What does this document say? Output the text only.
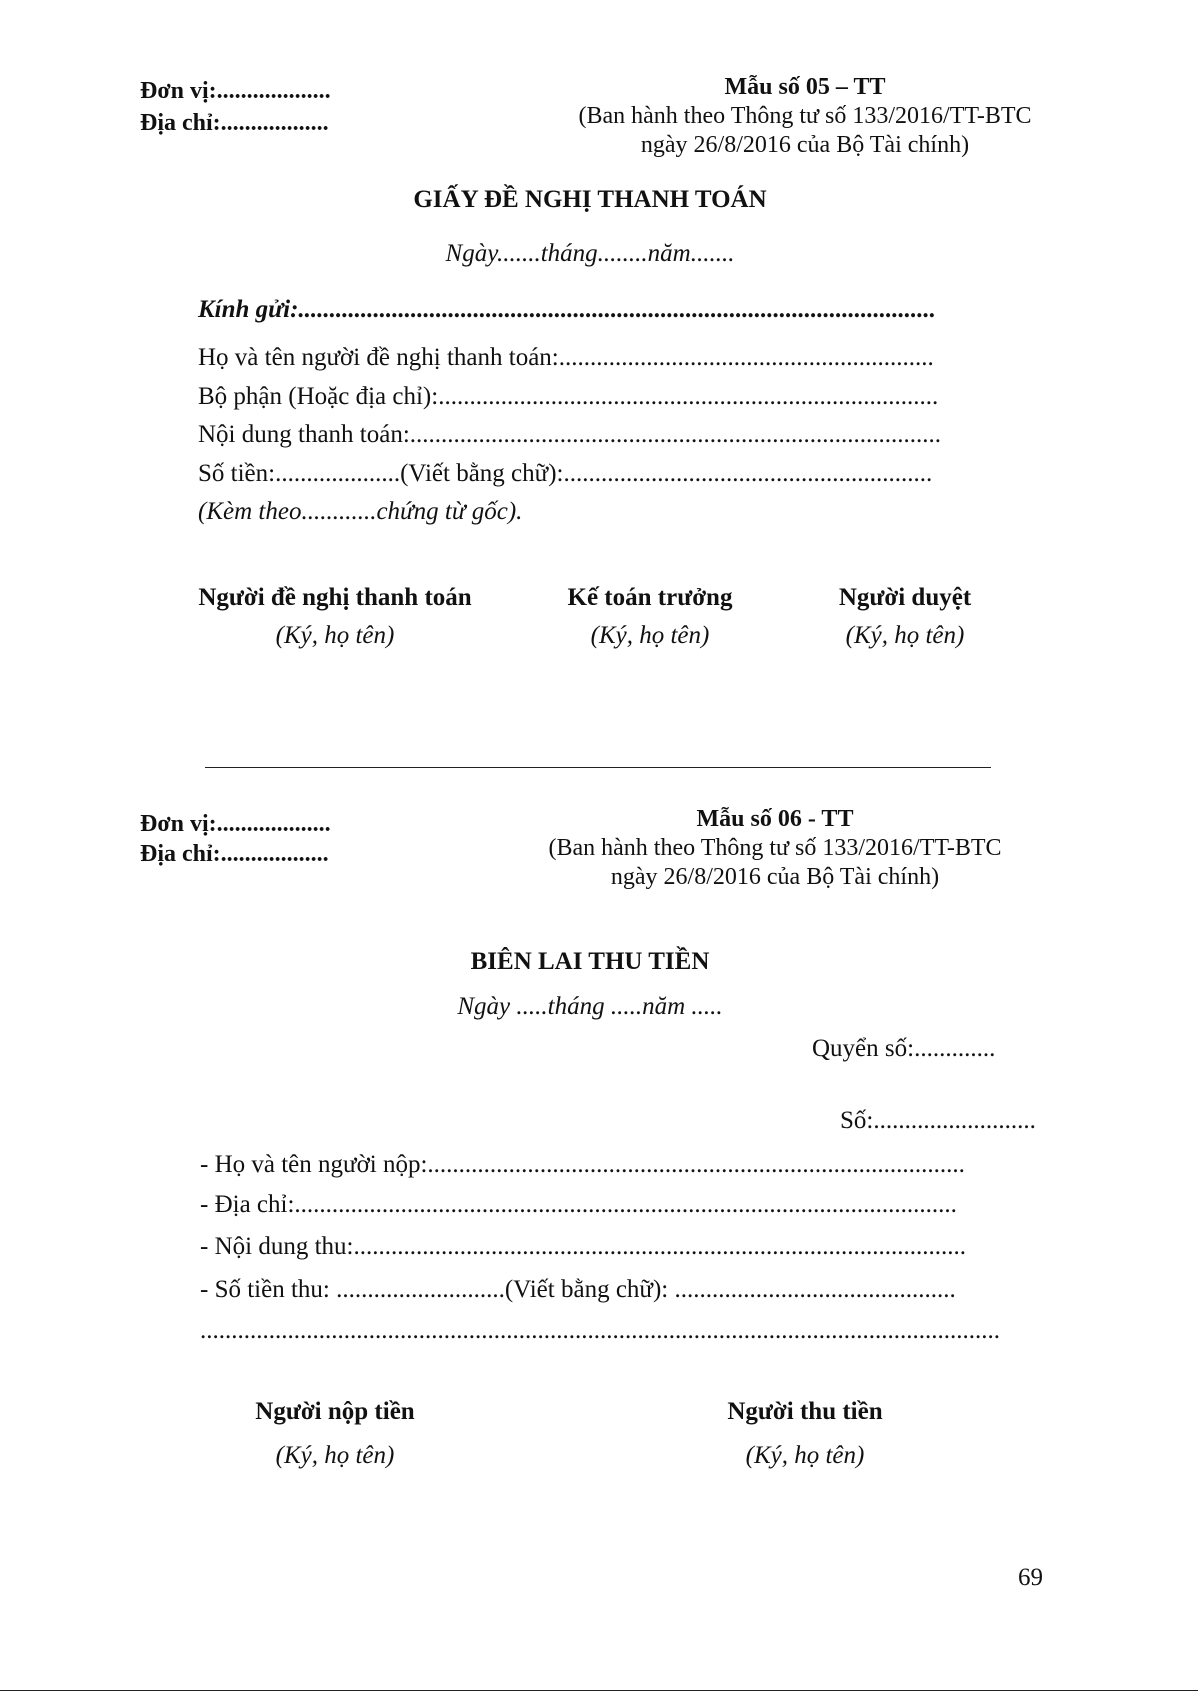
Đơn vị:...................
Địa chỉ:..................
Mẫu số 05 – TT
(Ban hành theo Thông tư số 133/2016/TT-BTC
ngày 26/8/2016 của Bộ Tài chính)
GIẤY ĐỀ NGHỊ THANH TOÁN
Ngày.......tháng........năm.......
Kính gửi:......................................................................................................
Họ và tên người đề nghị thanh toán:............................................................
Bộ phận (Hoặc địa chỉ):................................................................................
Nội dung thanh toán:.....................................................................................
Số tiền:....................(Viết bằng chữ):...........................................................
(Kèm theo............chứng từ gốc).
Người đề nghị thanh toán
(Ký, họ tên)
Kế toán trưởng
(Ký, họ tên)
Người duyệt
(Ký, họ tên)
Đơn vị:...................
Địa chỉ:..................
Mẫu số 06 - TT
(Ban hành theo Thông tư số 133/2016/TT-BTC
ngày 26/8/2016 của Bộ Tài chính)
BIÊN LAI THU TIỀN
Ngày .....tháng .....năm .....
Quyển số:.............
Số:..........................
- Họ và tên người nộp:......................................................................................
- Địa chỉ:..........................................................................................................
- Nội dung thu:..................................................................................................
- Số tiền thu: ...........................(Viết bằng chữ): .............................................
................................................................................................................................
Người nộp tiền
(Ký, họ tên)
Người thu tiền
(Ký, họ tên)
69
